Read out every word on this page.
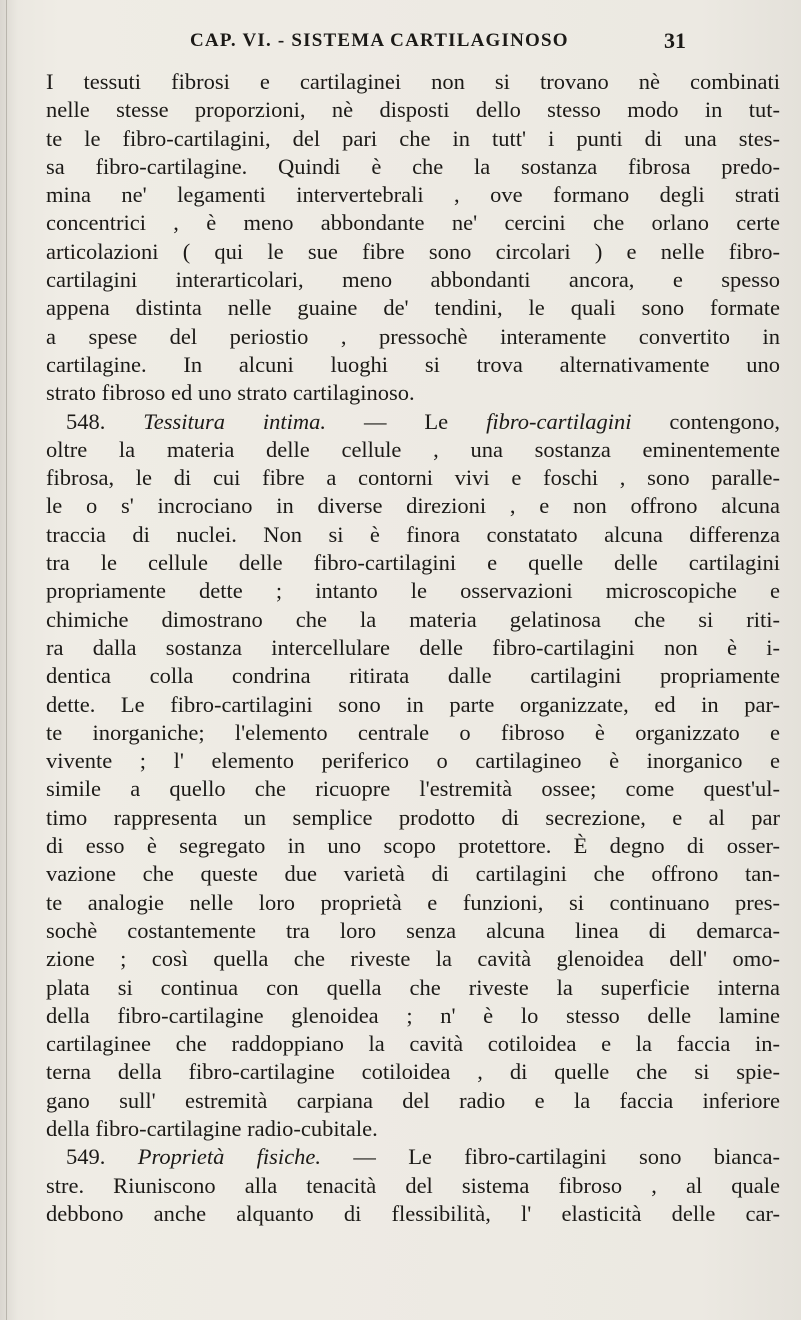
CAP. VI. - SISTEMA CARTILAGINOSO	31
I tessuti fibrosi e cartilaginei non si trovano nè combinati
nelle stesse proporzioni, nè disposti dello stesso modo in tut-
te le fibro-cartilagini, del pari che in tutt' i punti di una stes-
sa fibro-cartilagine. Quindi è che la sostanza fibrosa predo-
mina ne' legamenti intervertebrali , ove formano degli strati
concentrici , è meno abbondante ne' cercini che orlano certe
articolazioni ( qui le sue fibre sono circolari ) e nelle fibro-
cartilagini interarticolari, meno abbondanti ancora, e spesso
appena distinta nelle guaine de' tendini, le quali sono formate
a spese del periostio , pressochè interamente convertito in
cartilagine. In alcuni luoghi si trova alternativamente uno
strato fibroso ed uno strato cartilaginoso.
548. Tessitura intima. — Le fibro-cartilagini contengono,
oltre la materia delle cellule , una sostanza eminentemente
fibrosa, le di cui fibre a contorni vivi e foschi , sono paralle-
le o s' incrociano in diverse direzioni , e non offrono alcuna
traccia di nuclei. Non si è finora constatato alcuna differenza
tra le cellule delle fibro-cartilagini e quelle delle cartilagini
propriamente dette ; intanto le osservazioni microscopiche e
chimiche dimostrano che la materia gelatinosa che si riti-
ra dalla sostanza intercellulare delle fibro-cartilagini non è i-
dentica colla condrina ritirata dalle cartilagini propriamente
dette. Le fibro-cartilagini sono in parte organizzate, ed in par-
te inorganiche; l'elemento centrale o fibroso è organizzato e
vivente ; l' elemento periferico o cartilagineo è inorganico e
simile a quello che ricuopre l'estremità ossee; come quest'ul-
timo rappresenta un semplice prodotto di secrezione, e al par
di esso è segregato in uno scopo protettore. È degno di osser-
vazione che queste due varietà di cartilagini che offrono tan-
te analogie nelle loro proprietà e funzioni, si continuano pres-
sochè costantemente tra loro senza alcuna linea di demarca-
zione ; così quella che riveste la cavità glenoidea dell' omo-
plata si continua con quella che riveste la superficie interna
della fibro-cartilagine glenoidea ; n' è lo stesso delle lamine
cartilaginee che raddoppiano la cavità cotiloidea e la faccia in-
terna della fibro-cartilagine cotiloidea , di quelle che si spie-
gano sull' estremità carpiana del radio e la faccia inferiore
della fibro-cartilagine radio-cubitale.
549. Proprietà fisiche. — Le fibro-cartilagini sono bianca-
stre. Riuniscono alla tenacità del sistema fibroso , al quale
debbono anche alquanto di flessibilità, l' elasticità delle car-
